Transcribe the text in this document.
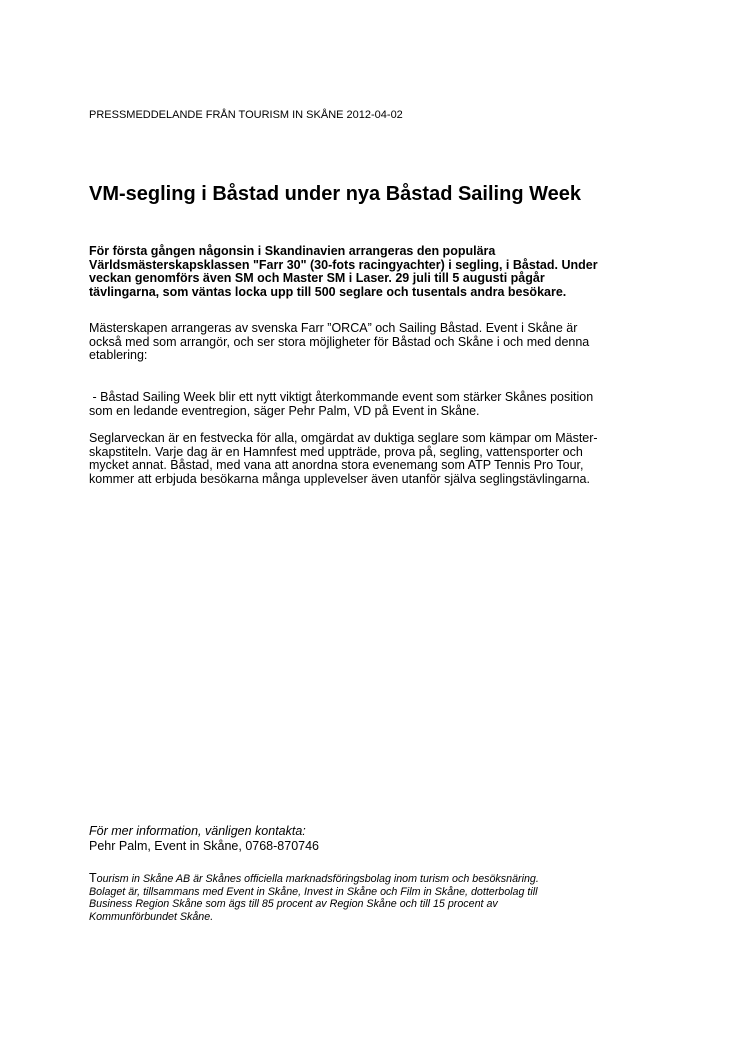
PRESSMEDDELANDE FRÅN TOURISM IN SKÅNE 2012-04-02
VM-segling i Båstad under nya Båstad Sailing Week

För första gången någonsin i Skandinavien arrangeras den populära
Världsmästerskapsklassen "Farr 30" (30-fots racingyachter) i segling, i Båstad. Under
veckan genomförs även SM och Master SM i Laser. 29 juli till 5 augusti pågår
tävlingarna, som väntas locka upp till 500 seglare och tusentals andra besökare.

Mästerskapen arrangeras av svenska Farr ”ORCA” och Sailing Båstad. Event i Skåne är
också med som arrangör, och ser stora möjligheter för Båstad och Skåne i och med denna
etablering:

- Båstad Sailing Week blir ett nytt viktigt återkommande event som stärker Skånes position
som en ledande eventregion, säger Pehr Palm, VD på Event in Skåne.

Seglarveckan är en festvecka för alla, omgärdat av duktiga seglare som kämpar om Mäster-
skapstiteln. Varje dag är en Hamnfest med uppträde, prova på, segling, vattensporter och
mycket annat. Båstad, med vana att anordna stora evenemang som ATP Tennis Pro Tour,
kommer att erbjuda besökarna många upplevelser även utanför själva seglingstävlingarna.

För mer information, vänligen kontakta:
Pehr Palm, Event in Skåne, 0768-870746
Tourism in Skåne AB är Skånes officiella marknadsföringsbolag inom turism och besöksnäring.
Bolaget är, tillsammans med Event in Skåne, Invest in Skåne och Film in Skåne, dotterbolag till
Business Region Skåne som ägs till 85 procent av Region Skåne och till 15 procent av
Kommunförbundet Skåne.
